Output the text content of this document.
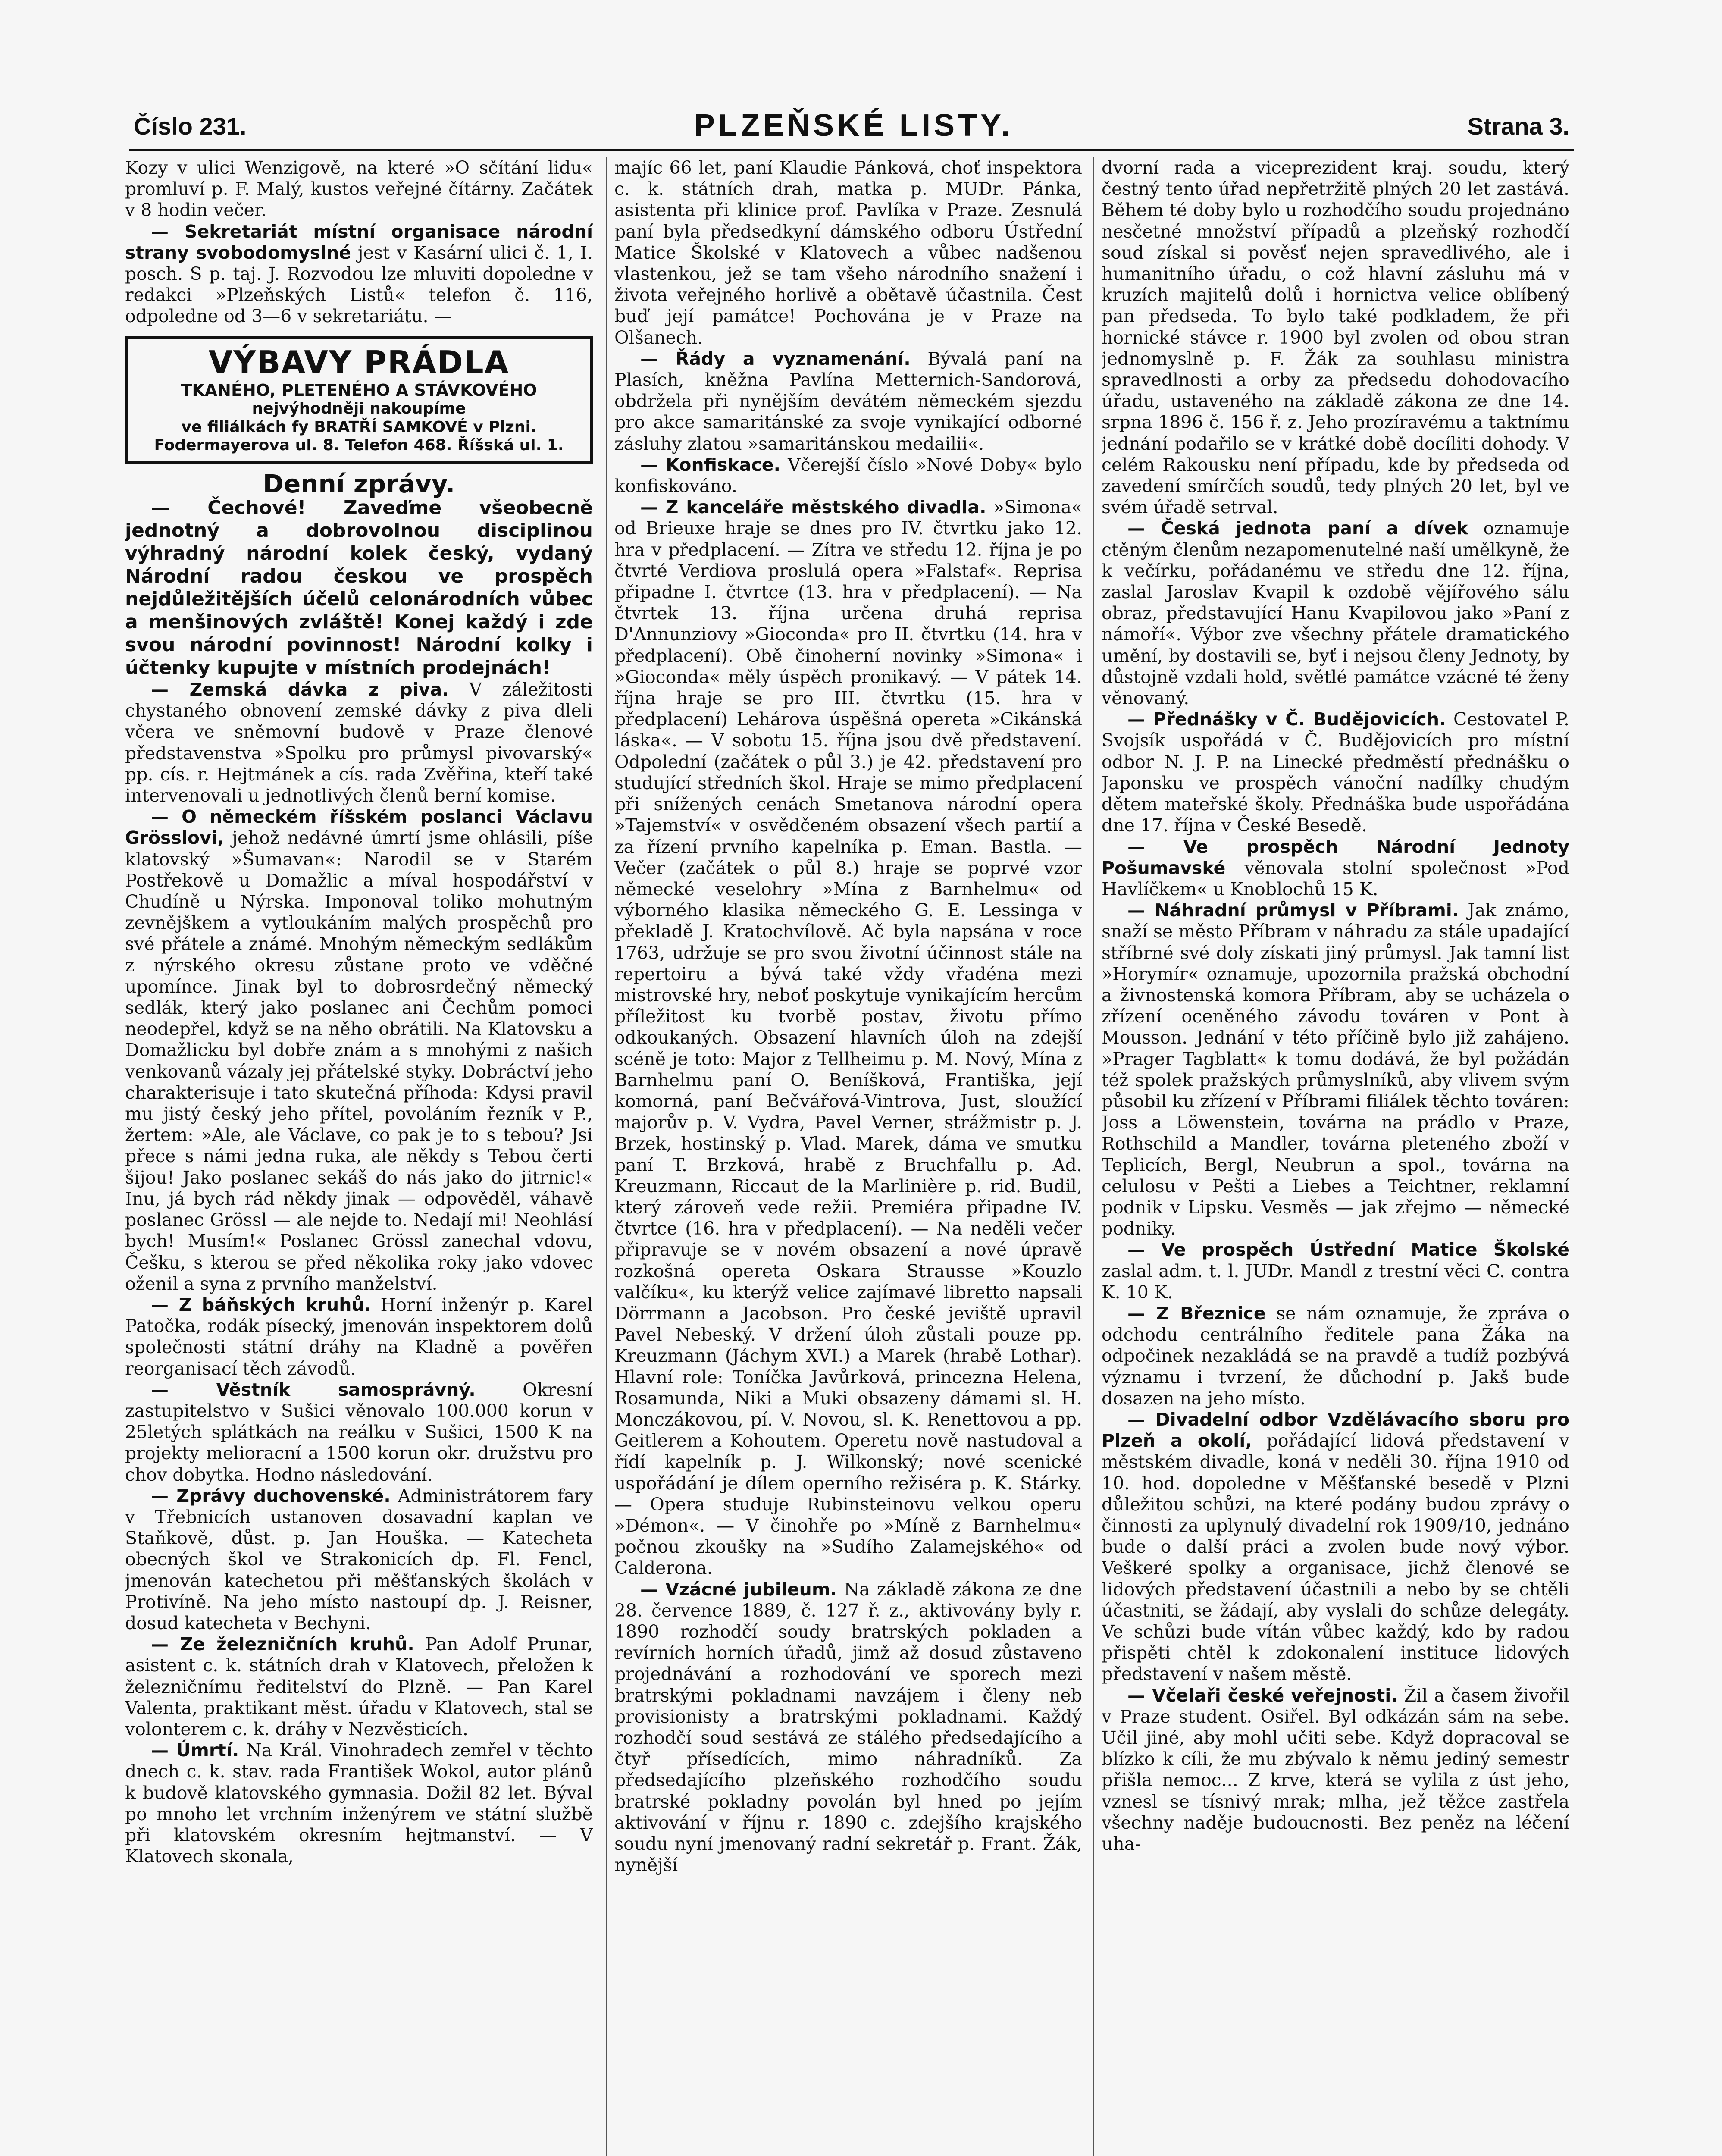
Číslo 231.	PLZEŇSKÉ LISTY.	Strana 3.

Kozy v ulici Wenzigově, na které »O sčítání lidu« promluví p. F. Malý, kustos veřejné čítárny. Začátek v 8 hodin večer.

— Sekretariát místní organisace národní strany svobodomyslné jest v Kasární ulici č. 1, I. posch. S p. taj. J. Rozvodou lze mluviti dopoledne v redakci »Plzeňských Listů« telefon č. 116, odpoledne od 3—6 v sekretariátu. —

VÝBAVY PRÁDLA
TKANÉHO, PLETENÉHO A STÁVKOVÉHO
nejvýhodněji nakoupíme
ve filiálkách fy BRATŘÍ SAMKOVÉ v Plzni.
Fodermayerova ul. 8. Telefon 468. Říšská ul. 1.
Denní zprávy.

— Čechové! Zaveďme všeobecně jednotný a dobrovolnou disciplinou výhradný národní kolek český, vydaný Národní radou českou ve prospěch nejdůležitějších účelů celonárodních vůbec a menšinových zvláště! Konej každý i zde svou národní povinnost! Národní kolky i účtenky kupujte v místních prodejnách!

— Zemská dávka z piva. V záležitosti chystaného obnovení zemské dávky z piva dleli včera ve sněmovní budově v Praze členové představenstva »Spolku pro průmysl pivovarský« pp. cís. r. Hejtmánek a cís. rada Zvěřina, kteří také intervenovali u jednotlivých členů berní komise.

— O německém říšském poslanci Václavu Grösslovi, jehož nedávné úmrtí jsme ohlásili, píše klatovský »Šumavan«: Narodil se v Starém Postřekově u Domažlic a míval hospodářství v Chudíně u Nýrska. Imponoval toliko mohutným zevnějškem a vytloukáním malých prospěchů pro své přátele a známé. Mnohým německým sedlákům z nýrského okresu zůstane proto ve vděčné upomínce. Jinak byl to dobrosrdečný německý sedlák, který jako poslanec ani Čechům pomoci neodepřel, když se na něho obrátili. Na Klatovsku a Domažlicku byl dobře znám a s mnohými z našich venkovanů vázaly jej přátelské styky. Dobráctví jeho charakterisuje i tato skutečná příhoda: Kdysi pravil mu jistý český jeho přítel, povoláním řezník v P., žertem: »Ale, ale Václave, co pak je to s tebou? Jsi přece s námi jedna ruka, ale někdy s Tebou čerti šijou! Jako poslanec sekáš do nás jako do jitrnic!« Inu, já bych rád někdy jinak — odpověděl, váhavě poslanec Grössl — ale nejde to. Nedají mi! Neohlásí bych! Musím!« Poslanec Grössl zanechal vdovu, Češku, s kterou se před několika roky jako vdovec oženil a syna z prvního manželství.

— Z báňských kruhů. Horní inženýr p. Karel Patočka, rodák písecký, jmenován inspektorem dolů společnosti státní dráhy na Kladně a pověřen reorganisací těch závodů.

— Věstník samosprávný.	Okresní zastupitelstvo v Sušici věnovalo 100.000 korun v 25letých splátkách na reálku v Sušici, 1500 K na projekty melioracní a 1500 korun okr. družstvu pro chov dobytka. Hodno následování.

— Zprávy duchovenské. Administrátorem fary v Třebnicích ustanoven dosavadní kaplan ve Staňkově, důst. p. Jan Houška. — Katecheta obecných škol ve Strakonicích dp. Fl. Fencl, jmenován katechetou při měšťanských školách v Protivíně. Na jeho místo nastoupí dp. J. Reisner, dosud katecheta v Bechyni.

— Ze železničních kruhů. Pan Adolf Prunar, asistent c. k. státních drah v Klatovech, přeložen k železničnímu ředitelství do Plzně. — Pan Karel Valenta, praktikant měst. úřadu v Klatovech, stal se volonterem c. k. dráhy v Nezvěsticích.

— Úmrtí. Na Král. Vinohradech zemřel v těchto dnech c. k. stav. rada František Wokol, autor plánů k budově klatovského gymnasia. Dožil 82 let. Býval po mnoho let vrchním inženýrem ve státní službě při klatovském okresním hejtmanství. — V Klatovech skonala,

majíc 66 let, paní Klaudie Pánková, choť inspektora c. k. státních drah, matka p. MUDr. Pánka, asistenta při klinice prof. Pavlíka v Praze. Zesnulá paní byla předsedkyní dámského odboru Ústřední Matice Školské v Klatovech a vůbec nadšenou vlastenkou, jež se tam všeho národního snažení i života veřejného horlivě a obětavě účastnila. Čest buď její památce! Pochována je v Praze na Olšanech.

— Řády a vyznamenání. Bývalá paní na Plasích, kněžna Pavlína Metternich-Sandorová, obdržela při nynějším devátém německém sjezdu pro akce samaritánské za svoje vynikající odborné zásluhy zlatou »samaritánskou medailii«.

— Konfiskace. Včerejší číslo »Nové Doby« bylo konfiskováno.

— Z kanceláře městského divadla. »Simona« od Brieuxe hraje se dnes pro IV. čtvrtku jako 12. hra v předplacení. — Zítra ve středu 12. října je po čtvrté Verdiova proslulá opera »Falstaf«. Reprisa připadne I. čtvrtce (13. hra v předplacení). — Na čtvrtek 13. října určena druhá reprisa D'Annunziovy »Gioconda« pro II. čtvrtku (14. hra v předplacení). Obě činoherní novinky »Simona« i »Gioconda« měly úspěch pronikavý. — V pátek 14. října hraje se pro III. čtvrtku (15. hra v předplacení) Lehárova úspěšná opereta »Cikánská láska«. — V sobotu 15. října jsou dvě představení. Odpolední (začátek o půl 3.) je 42. představení pro studující středních škol. Hraje se mimo předplacení při snížených cenách Smetanova národní opera »Tajemství« v osvědčeném obsazení všech partií a za řízení prvního kapelníka p. Eman. Bastla. — Večer (začátek o půl 8.) hraje se poprvé vzor německé veselohry »Mína z Barnhelmu« od výborného klasika německého G. E. Lessinga v překladě J. Kratochvílově. Ač byla napsána v roce 1763, udržuje se pro svou životní účinnost stále na repertoiru a bývá také vždy vřadéna mezi mistrovské hry, neboť poskytuje vynikajícím hercům příležitost ku tvorbě postav, životu přímo odkoukaných. Obsazení hlavních úloh na zdejší scéně je toto: Major z Tellheimu p. M. Nový, Mína z Barnhelmu paní O. Beníšková, Františka, její komorná, paní Bečvářová-Vintrova, Just, sloužící majorův p. V. Vydra, Pavel Verner, strážmistr p. J. Brzek, hostinský p. Vlad. Marek, dáma ve smutku paní T. Brzková, hrabě z Bruchfallu p. Ad. Kreuzmann, Riccaut de la Marlinière p. rid. Budil, který zároveň vede režii. Premiéra připadne IV. čtvrtce (16. hra v předplacení). — Na neděli večer připravuje se v novém obsazení a nové úpravě rozkošná opereta Oskara Strausse »Kouzlo valčíku«, ku kterýž velice zajímavé libretto napsali Dörrmann a Jacobson. Pro české jeviště upravil Pavel Nebeský. V držení úloh zůstali pouze pp. Kreuzmann (Jáchym XVI.) a Marek (hrabě Lothar). Hlavní role: Toníčka Javůrková, princezna Helena, Rosamunda, Niki a Muki obsazeny dámami sl. H. Monczákovou, pí. V. Novou, sl. K. Renettovou a pp. Geitlerem a Kohoutem. Operetu nově nastudoval a řídí kapelník p. J. Wilkonský; nové scenické uspořádání je dílem operního režiséra p. K. Stárky. — Opera studuje Rubinsteinovu velkou operu »Démon«. — V činohře po »Míně z Barnhelmu« počnou zkoušky na »Sudího Zalamejského« od Calderona.

— Vzácné jubileum. Na základě zákona ze dne 28. července 1889, č. 127 ř. z., aktivovány byly r. 1890 rozhodčí soudy bratrských pokladen a revírních horních úřadů, jimž až dosud zůstaveno projednávání a rozhodování ve sporech mezi bratrskými pokladnami navzájem i členy neb provisionisty a bratrskými pokladnami. Každý rozhodčí soud sestává ze stálého předsedajícího a čtyř přísedících, mimo náhradníků. Za předsedajícího plzeňského rozhodčího soudu bratrské pokladny povolán byl hned po jejím aktivování v říjnu r. 1890 c. zdejšího krajského soudu nyní jmenovaný radní sekretář p. Frant. Žák, nynější

dvorní rada a viceprezident kraj. soudu, který čestný tento úřad nepřetržitě plných 20 let zastává. Během té doby bylo u rozhodčího soudu projednáno nesčetné množství případů a plzeňský rozhodčí soud získal si pověsť nejen spravedlivého, ale i humanitního úřadu, o což hlavní zásluhu má v kruzích majitelů dolů i hornictva velice oblíbený pan předseda. To bylo také podkladem, že při hornické stávce r. 1900 byl zvolen od obou stran jednomyslně p. F. Žák za souhlasu ministra spravedlnosti a orby za předsedu dohodovacího úřadu, ustaveného na základě zákona ze dne 14. srpna 1896 č. 156 ř. z. Jeho prozíravému a taktnímu jednání podařilo se v krátké době docíliti dohody. V celém Rakousku není případu, kde by předseda od zavedení smírčích soudů, tedy plných 20 let, byl ve svém úřadě setrval.

— Česká jednota paní a dívek oznamuje ctěným členům nezapomenutelné naší umělkyně, že k večírku, pořádanému ve středu dne 12. října, zaslal Jaroslav Kvapil k ozdobě vějířového sálu obraz, představující Hanu Kvapilovou jako »Paní z námoří«. Výbor zve všechny přátele dramatického umění, by dostavili se, byť i nejsou členy Jednoty, by důstojně vzdali hold, světlé památce vzácné té ženy věnovaný.

— Přednášky v Č. Budějovicích. Cestovatel P. Svojsík uspořádá v Č. Budějovicích pro místní odbor N. J. P. na Linecké předměstí přednášku o Japonsku ve prospěch vánoční nadílky chudým dětem mateřské školy. Přednáška bude uspořádána dne 17. října v České Besedě.

— Ve prospěch Národní Jednoty Pošumavské věnovala stolní společnost »Pod Havlíčkem« u Knoblochů 15 K.

— Náhradní průmysl v Příbrami. Jak známo, snaží se město Příbram v náhradu za stále upadající stříbrné své doly získati jiný průmysl. Jak tamní list »Horymír« oznamuje, upozornila pražská obchodní a živnostenská komora Příbram, aby se ucházela o zřízení oceněného závodu továren v Pont à Mousson. Jednání v této příčině bylo již zahájeno. »Prager Tagblatt« k tomu dodává, že byl požádán též spolek pražských průmyslníků, aby vlivem svým působil ku zřízení v Příbrami filiálek těchto továren: Joss a Löwenstein, továrna na prádlo v Praze, Rothschild a Mandler, továrna pleteného zboží v Teplicích, Bergl, Neubrun a spol., továrna na celulosu v Pešti a Liebes a Teichtner, reklamní podnik v Lipsku. Vesměs — jak zřejmo — německé podniky.

— Ve prospěch Ústřední Matice Školské zaslal adm. t. l. JUDr. Mandl z trestní věci C. contra K. 10 K.

— Z Březnice se nám oznamuje, že zpráva o odchodu centrálního ředitele pana Žáka na odpočinek nezakládá se na pravdě a tudíž pozbývá významu i tvrzení, že důchodní p. Jakš bude dosazen na jeho místo.

— Divadelní odbor Vzdělávacího sboru pro Plzeň a okolí, pořádající lidová představení v městském divadle, koná v neděli 30. října 1910 od 10. hod. dopoledne v Měšťanské besedě v Plzni důležitou schůzi, na které podány budou zprávy o činnosti za uplynulý divadelní rok 1909/10, jednáno bude o další práci a zvolen bude nový výbor. Veškeré spolky a organisace, jichž členové se lidových představení účastnili a nebo by se chtěli účastniti, se žádají, aby vyslali do schůze delegáty. Ve schůzi bude vítán vůbec každý, kdo by radou přispěti chtěl k zdokonalení instituce lidových představení v našem městě.

— Včelaři české veřejnosti. Žil a časem živořil v Praze student. Osiřel. Byl odkázán sám na sebe. Učil jiné, aby mohl učiti sebe. Když dopracoval se blízko k cíli, že mu zbývalo k němu jediný semestr přišla nemoc... Z krve, která se vylila z úst jeho, vznesl se tísnivý mrak; mlha, jež těžce zastřela všechny naděje budoucnosti. Bez peněz na léčení uha-
